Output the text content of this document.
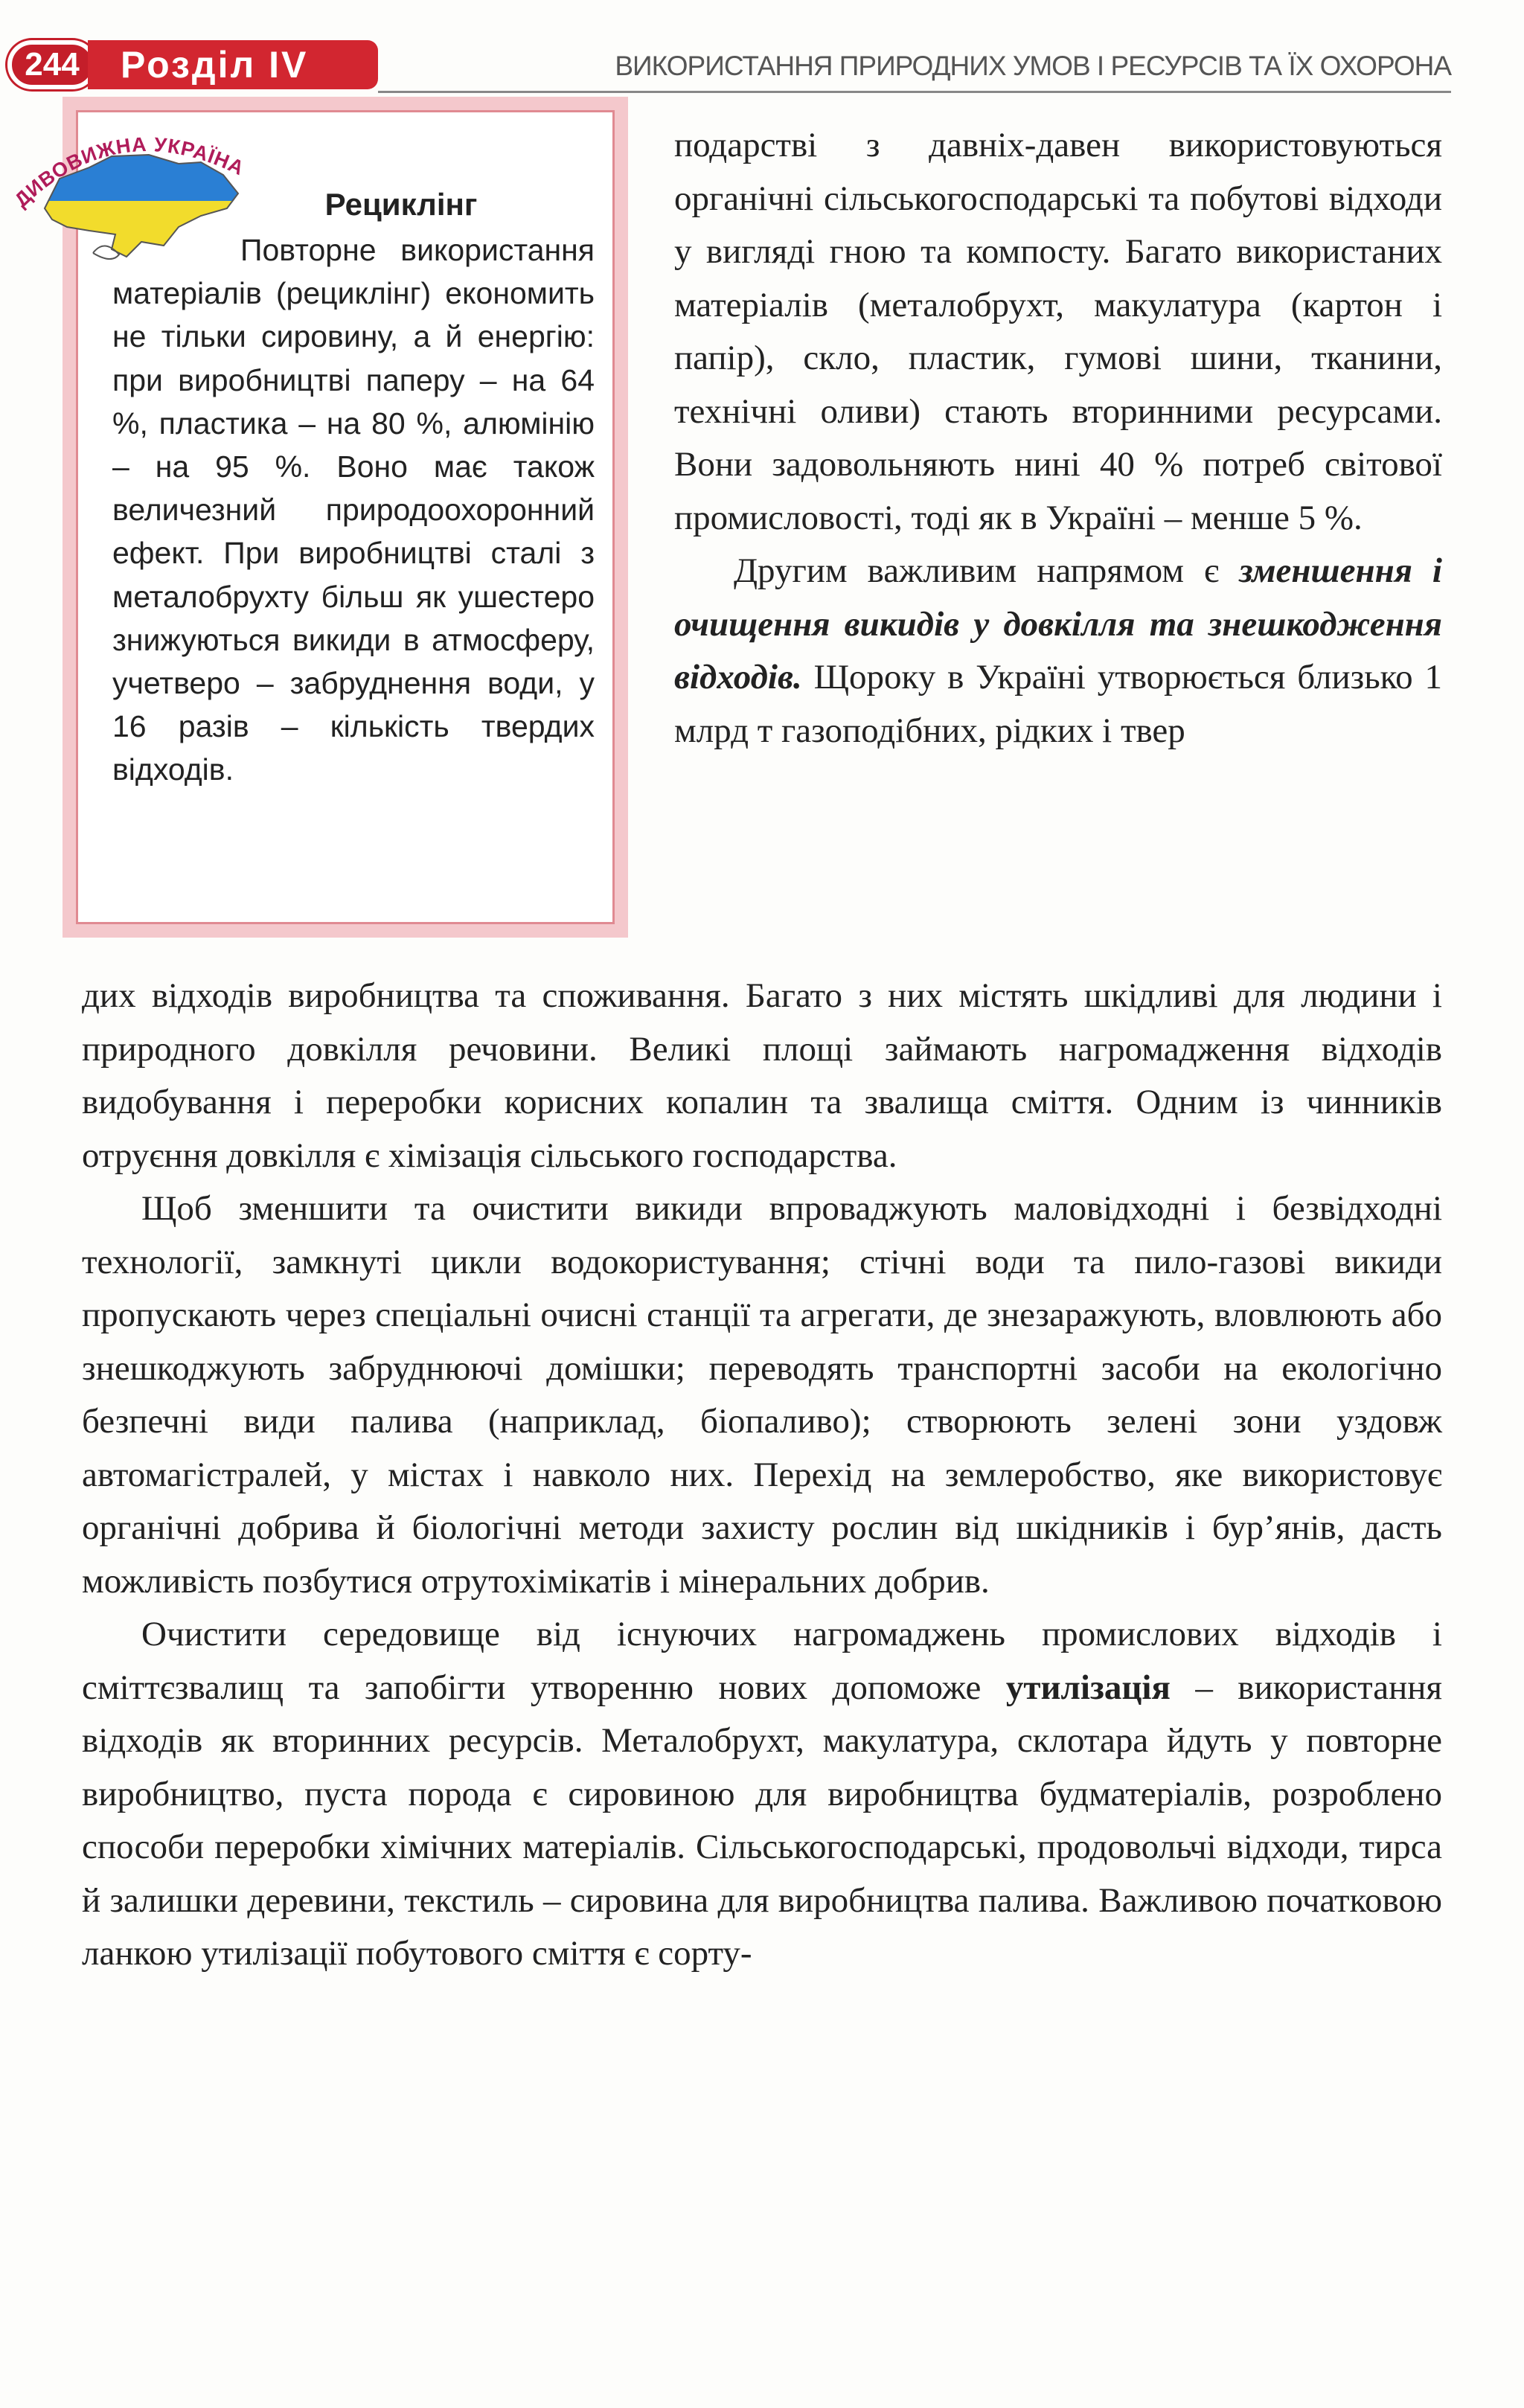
244 Розділ IV	ВИКОРИСТАННЯ ПРИРОДНИХ УМОВ І РЕСУРСІВ ТА ЇХ ОХОРОНА
Рециклінг
Повторне використання матеріалів (рециклінг) економить не тільки сировину, а й енергію: при виробництві паперу – на 64 %, пластика – на 80 %, алюмінію – на 95 %. Воно має також величезний природоохоронний ефект. При виробництві сталі з металобрухту більш як ушестеро знижуються викиди в атмосферу, учетверо – забруднення води, у 16 разів – кількість твердих відходів.
ДИВОВИЖНА УКРАЇНА

подарстві з давніх-давен використовуються органічні сільськогосподарські та побутові відходи у вигляді гною та компосту. Багато використаних матеріалів (металобрухт, макулатура (картон і папір), скло, пластик, гумові шини, тканини, технічні оливи) стають вторинними ресурсами. Вони задовольняють нині 40 % потреб світової промисловості, тоді як в Україні – менше 5 %.

Другим важливим напрямом є зменшення і очищення викидів у довкілля та знешкодження відходів. Щороку в Україні утворюється близько 1 млрд т газоподібних, рідких і твер

дих відходів виробництва та споживання. Багато з них містять шкідливі для людини і природного довкілля речовини. Великі площі займають нагромадження відходів видобування і переробки корисних копалин та звалища сміття. Одним із чинників отруєння довкілля є хімізація сільського господарства.

Щоб зменшити та очистити викиди впроваджують маловідходні і безвідходні технології, замкнуті цикли водокористування; стічні води та пило-газові викиди пропускають через спеціальні очисні станції та агрегати, де знезаражують, вловлюють або знешкоджують забруднюючі домішки; переводять транспортні засоби на екологічно безпечні види палива (наприклад, біопаливо); створюють зелені зони уздовж автомагістралей, у містах і навколо них. Перехід на землеробство, яке використовує органічні добрива й біологічні методи захисту рослин від шкідників і бур’янів, дасть можливість позбутися отрутохімікатів і мінеральних добрив.

Очистити середовище від існуючих нагромаджень промислових відходів і сміттєзвалищ та запобігти утворенню нових допоможе утилізація – використання відходів як вторинних ресурсів. Металобрухт, макулатура, склотара йдуть у повторне виробництво, пуста порода є сировиною для виробництва будматеріалів, розроблено способи переробки хімічних матеріалів. Сільськогосподарські, продовольчі відходи, тирса й залишки деревини, текстиль – сировина для виробництва палива. Важливою початковою ланкою утилізації побутового сміття є сорту-
